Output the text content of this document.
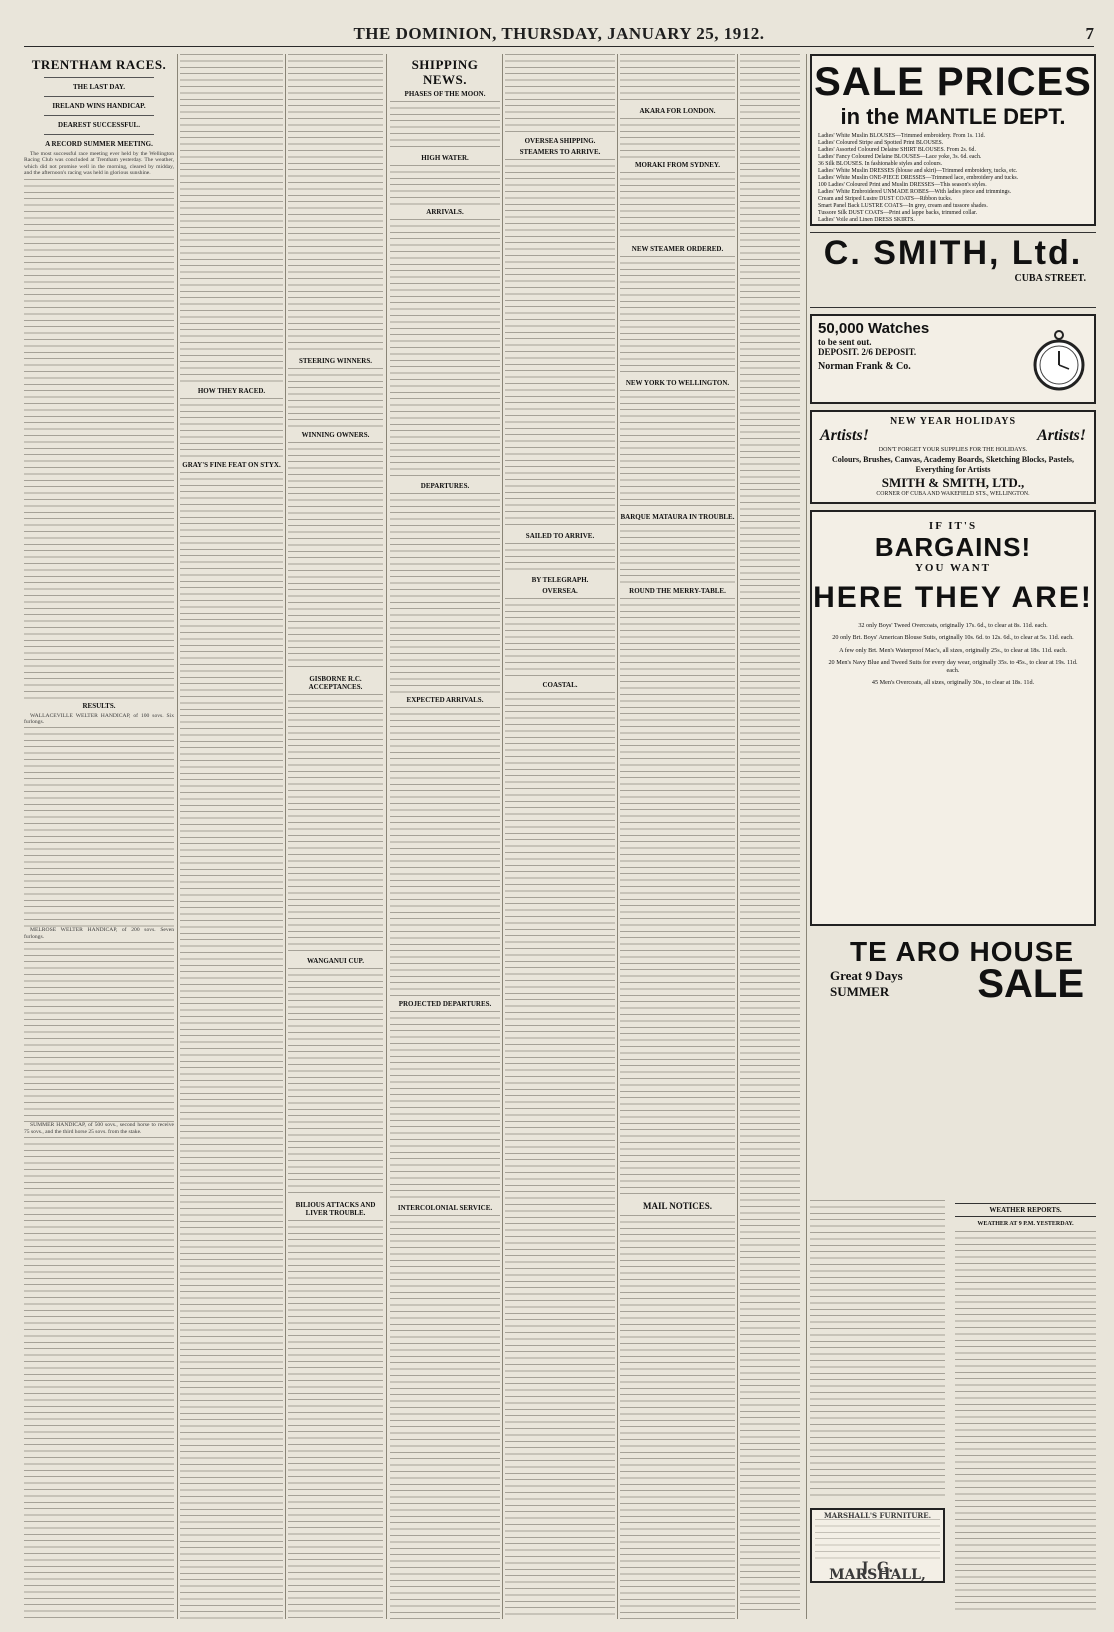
THE DOMINION, THURSDAY, JANUARY 25, 1912.	7
TRENTHAM RACES.
THE LAST DAY.
IRELAND WINS HANDICAP.
DEAREST SUCCESSFUL.
A RECORD SUMMER MEETING.

The most successful race meeting ever held by the Wellington Racing Club was concluded at Trentham yesterday. The weather, which did not promise well in the morning, cleared by midday, and the afternoon's racing was held in glorious sunshine.

RESULTS.

WALLACEVILLE WELTER HANDICAP, of 100 sovs. Six furlongs.

MELROSE WELTER HANDICAP, of 200 sovs. Seven furlongs.

SUMMER HANDICAP, of 500 sovs., second horse to receive 75 sovs., and the third horse 25 sovs. from the stake.

HOW THEY RACED.
GRAY'S FINE FEAT ON STYX.
STEERING WINNERS.
WINNING OWNERS.
GISBORNE R.C. ACCEPTANCES.
WANGANUI CUP.
BILIOUS ATTACKS AND LIVER TROUBLE.
SHIPPING NEWS.
PHASES OF THE MOON.
HIGH WATER.
ARRIVALS.
DEPARTURES.
EXPECTED ARRIVALS.
PROJECTED DEPARTURES.
INTERCOLONIAL SERVICE.
OVERSEA SHIPPING.
STEAMERS TO ARRIVE.
SAILED TO ARRIVE.
BY TELEGRAPH.
OVERSEA.
COASTAL.
AKARA FOR LONDON.
MORAKI FROM SYDNEY.
NEW STEAMER ORDERED.
NEW YORK TO WELLINGTON.
BARQUE MATAURA IN TROUBLE.
ROUND THE MERRY-TABLE.
MAIL NOTICES.
SALE PRICES
in the MANTLE DEPT.
Ladies' White Muslin BLOUSES—Trimmed embroidery. From 1s. 11d.
Ladies' Coloured Stripe and Spotted Print BLOUSES.
Ladies' Assorted Coloured Delaine SHIRT BLOUSES. From 2s. 6d.
Ladies' Fancy Coloured Delaine BLOUSES—Lace yoke, 3s. 6d. each.
36 Silk BLOUSES. In fashionable styles and colours.
Ladies' White Muslin DRESSES (blouse and skirt)—Trimmed embroidery, tucks, etc.
Ladies' White Muslin ONE-PIECE DRESSES—Trimmed lace, embroidery and tucks.
100 Ladies' Coloured Print and Muslin DRESSES—This season's styles.
Ladies' White Embroidered UNMADE ROBES—With ladies piece and trimmings.
Cream and Striped Lustre DUST COATS—Ribbon tucks.
Smart Panel Back LUSTRE COATS—In grey, cream and tussore shades.
Tussore Silk DUST COATS—Print and lappe backs, trimmed collar.
Ladies' Voile and Linen DRESS SKIRTS.
C. SMITH, Ltd.
CUBA STREET.
50,000 Watches
to be sent out.
DEPOSIT. 2/6 DEPOSIT.
Norman Frank & Co.
NEW YEAR HOLIDAYS
Artists!	Artists!
DON'T FORGET YOUR SUPPLIES FOR THE HOLIDAYS.
Colours, Brushes, Canvas, Academy Boards, Sketching Blocks, Pastels, Everything for Artists
SMITH & SMITH, LTD.,
CORNER OF CUBA AND WAKEFIELD STS., WELLINGTON.
IF IT'S
BARGAINS!
YOU WANT
HERE THEY ARE!
32 only Boys' Tweed Overcoats, originally 17s. 6d., to clear at 8s. 11d. each.
20 only Brt. Boys' American Blouse Suits, originally 10s. 6d. to 12s. 6d., to clear at 5s. 11d. each.
A few only Brt. Men's Waterproof Mac's, all sizes, originally 25s., to clear at 18s. 11d. each.
20 Men's Navy Blue and Tweed Suits for every day wear, originally 35s. to 45s., to clear at 19s. 11d. each.
45 Men's Overcoats, all sizes, originally 30s., to clear at 18s. 11d.
TE ARO HOUSE
Great 9 Days
SUMMER	SALE
MARSHALL'S FURNITURE.
J. G. MARSHALL,
WEATHER REPORTS.
WEATHER AT 9 P.M. YESTERDAY.
